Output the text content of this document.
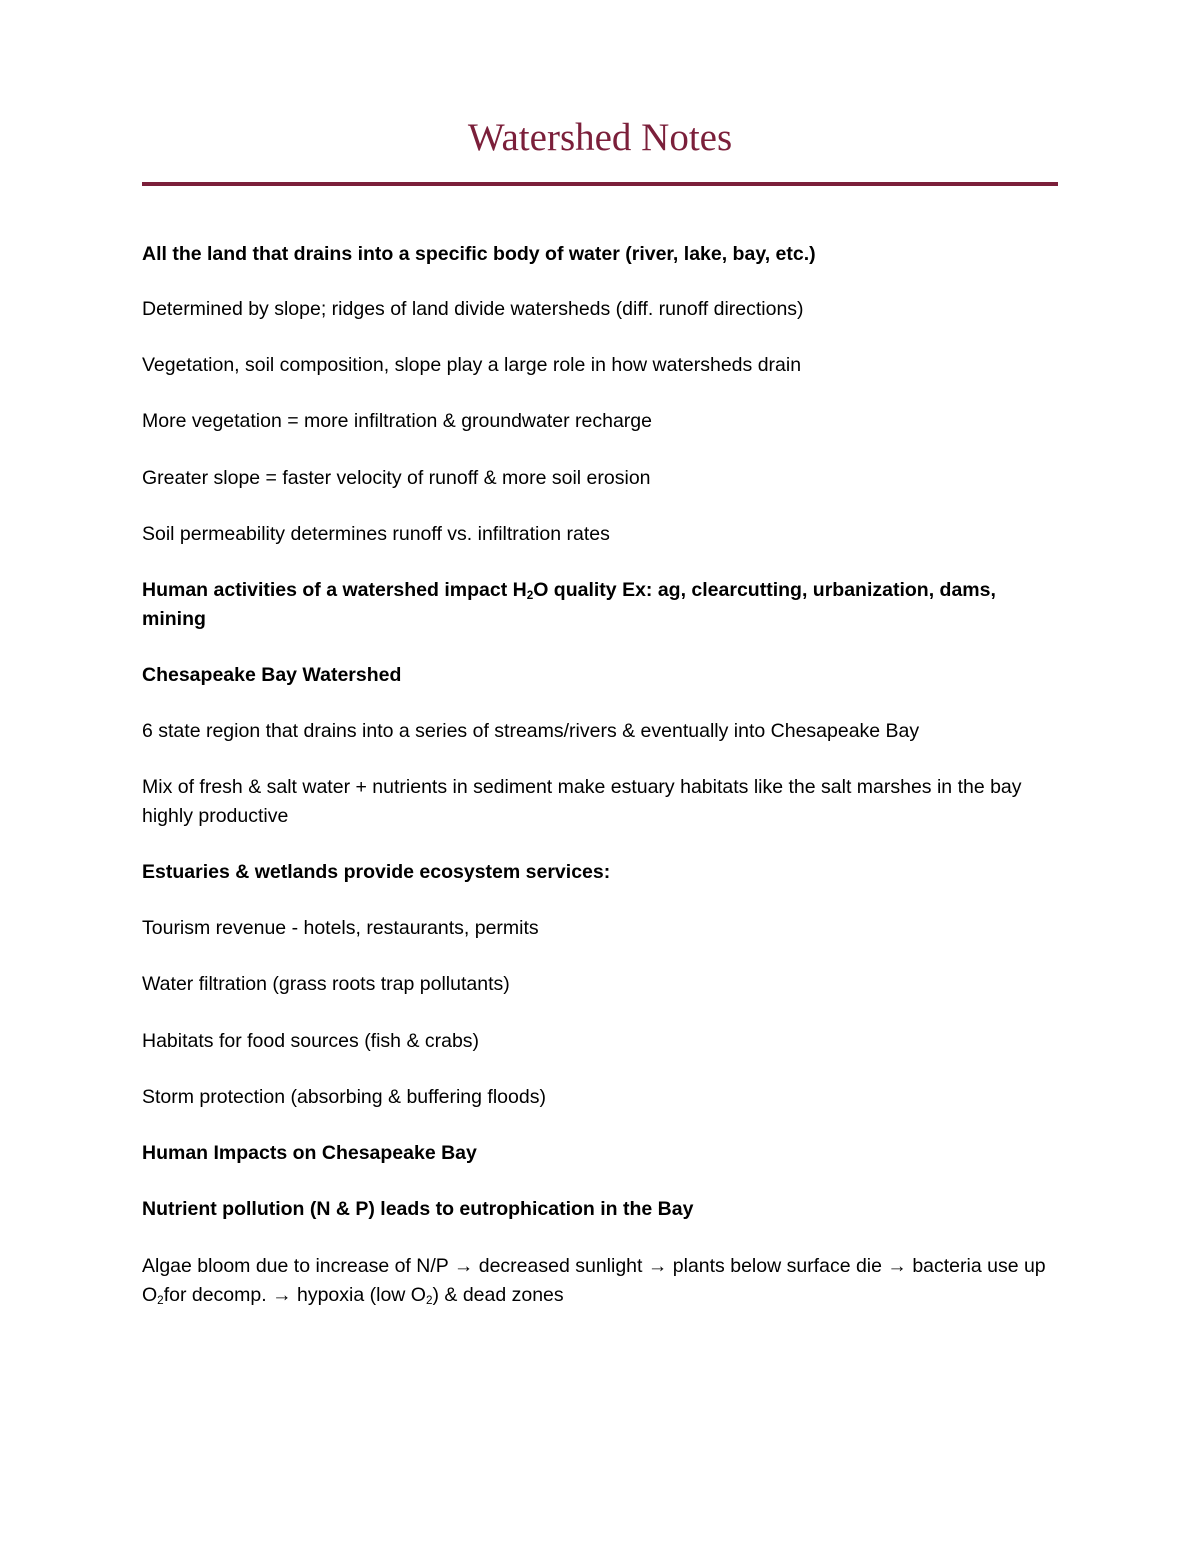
Watershed Notes

All the land that drains into a specific body of water (river, lake, bay, etc.)

Determined by slope; ridges of land divide watersheds (diff. runoff directions)

Vegetation, soil composition, slope play a large role in how watersheds drain

More vegetation = more infiltration & groundwater recharge

Greater slope = faster velocity of runoff & more soil erosion

Soil permeability determines runoff vs. infiltration rates

Human activities of a watershed impact $H_2O$ quality Ex: ag, clearcutting, urbanization, dams, mining

Chesapeake Bay Watershed

6 state region that drains into a series of streams/rivers & eventually into Chesapeake Bay

Mix of fresh & salt water + nutrients in sediment make estuary habitats like the salt marshes in the bay highly productive

Estuaries & wetlands provide ecosystem services:

Tourism revenue - hotels, restaurants, permits

Water filtration (grass roots trap pollutants)

Habitats for food sources (fish & crabs)

Storm protection (absorbing & buffering floods)

Human Impacts on Chesapeake Bay

Nutrient pollution (N & P) leads to eutrophication in the Bay

Algae bloom due to increase of N/P → decreased sunlight → plants below surface die → bacteria use up $O_2for$ decomp. → hypoxia (low $O_2$) & dead zones
